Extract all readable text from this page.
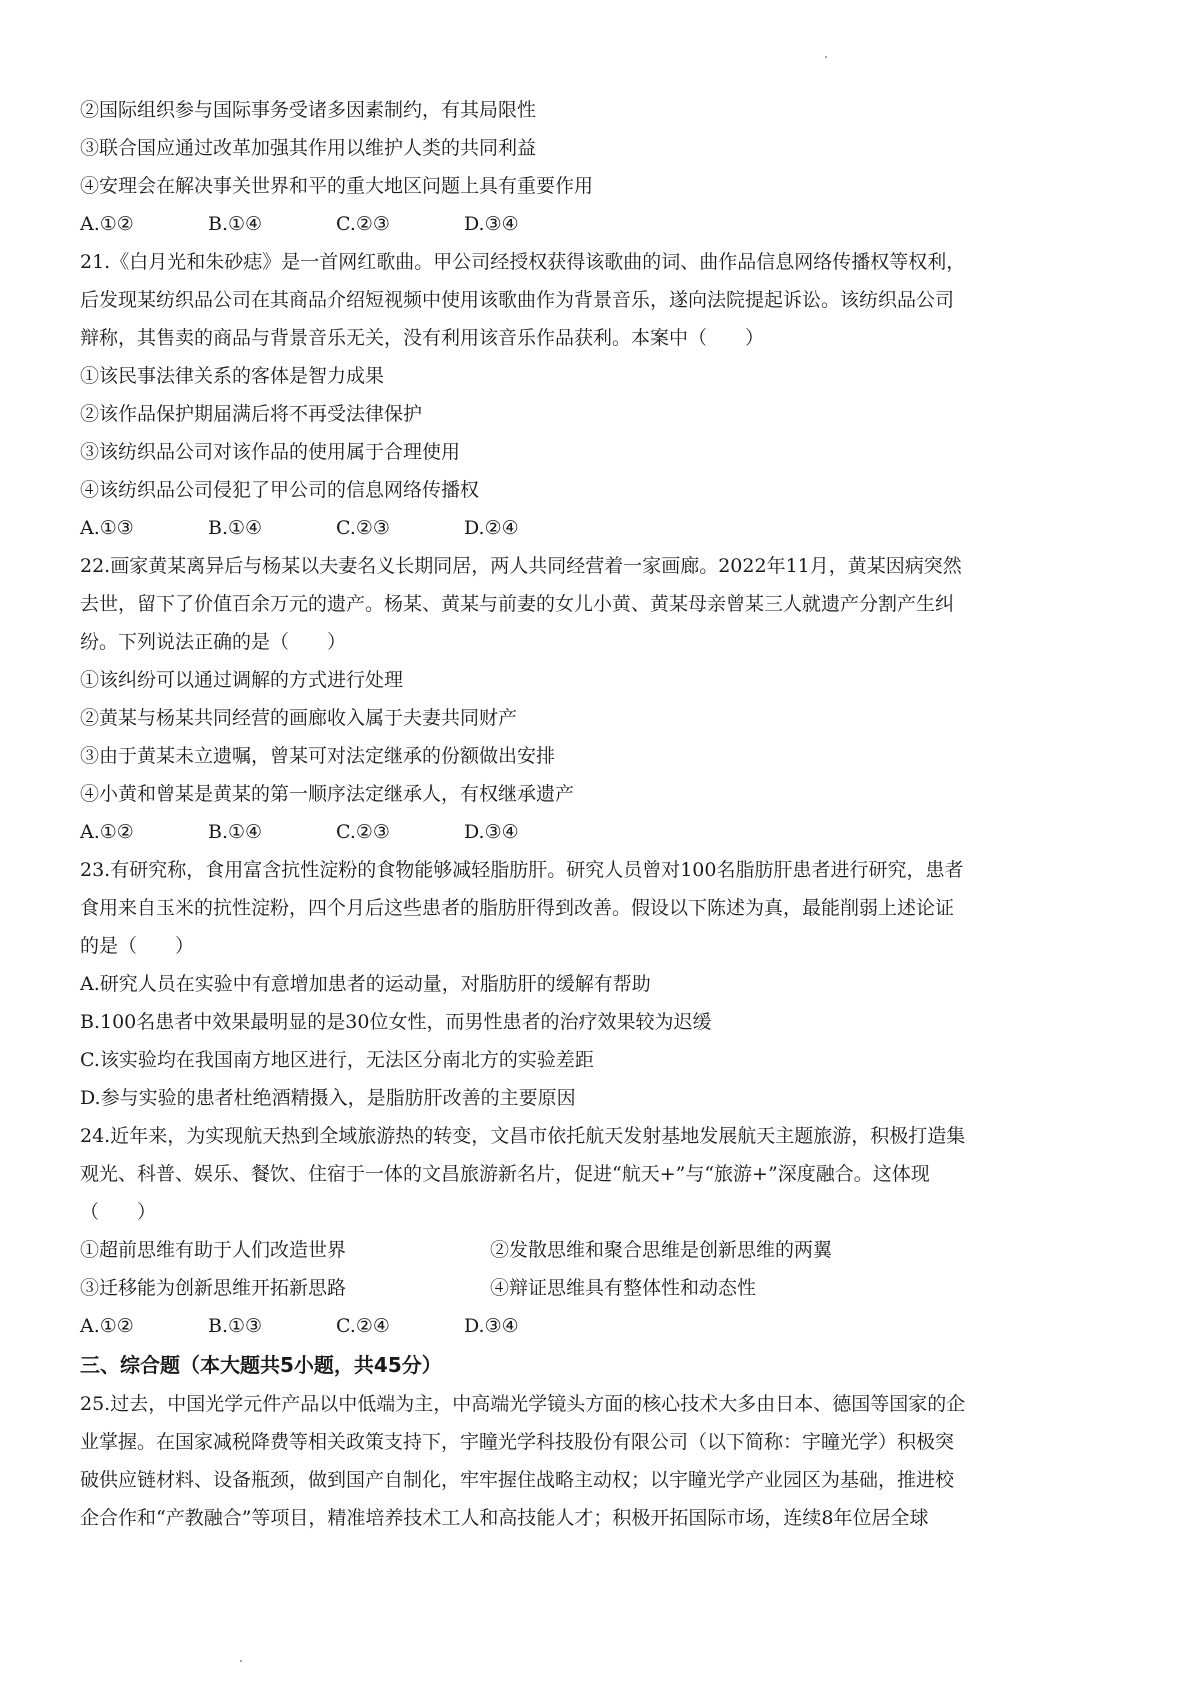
②国际组织参与国际事务受诸多因素制约，有其局限性
③联合国应通过改革加强其作用以维护人类的共同利益
④安理会在解决事关世界和平的重大地区问题上具有重要作用
A.①②	B.①④	C.②③	D.③④
21.《白月光和朱砂痣》是一首网红歌曲。甲公司经授权获得该歌曲的词、曲作品信息网络传播权等权利，
后发现某纺织品公司在其商品介绍短视频中使用该歌曲作为背景音乐，遂向法院提起诉讼。该纺织品公司
辩称，其售卖的商品与背景音乐无关，没有利用该音乐作品获利。本案中（　　）
①该民事法律关系的客体是智力成果
②该作品保护期届满后将不再受法律保护
③该纺织品公司对该作品的使用属于合理使用
④该纺织品公司侵犯了甲公司的信息网络传播权
A.①③	B.①④	C.②③	D.②④
22.画家黄某离异后与杨某以夫妻名义长期同居，两人共同经营着一家画廊。2022年11月，黄某因病突然
去世，留下了价值百余万元的遗产。杨某、黄某与前妻的女儿小黄、黄某母亲曾某三人就遗产分割产生纠
纷。下列说法正确的是（　　）
①该纠纷可以通过调解的方式进行处理
②黄某与杨某共同经营的画廊收入属于夫妻共同财产
③由于黄某未立遗嘱，曾某可对法定继承的份额做出安排
④小黄和曾某是黄某的第一顺序法定继承人，有权继承遗产
A.①②	B.①④	C.②③	D.③④
23.有研究称，食用富含抗性淀粉的食物能够减轻脂肪肝。研究人员曾对100名脂肪肝患者进行研究，患者
食用来自玉米的抗性淀粉，四个月后这些患者的脂肪肝得到改善。假设以下陈述为真，最能削弱上述论证
的是（　　）
A.研究人员在实验中有意增加患者的运动量，对脂肪肝的缓解有帮助
B.100名患者中效果最明显的是30位女性，而男性患者的治疗效果较为迟缓
C.该实验均在我国南方地区进行，无法区分南北方的实验差距
D.参与实验的患者杜绝酒精摄入，是脂肪肝改善的主要原因
24.近年来，为实现航天热到全域旅游热的转变，文昌市依托航天发射基地发展航天主题旅游，积极打造集
观光、科普、娱乐、餐饮、住宿于一体的文昌旅游新名片，促进“航天+”与“旅游+”深度融合。这体现
（　　）
①超前思维有助于人们改造世界	②发散思维和聚合思维是创新思维的两翼
③迁移能为创新思维开拓新思路	④辩证思维具有整体性和动态性
A.①②	B.①③	C.②④	D.③④
三、综合题（本大题共5小题，共45分）
25.过去，中国光学元件产品以中低端为主，中高端光学镜头方面的核心技术大多由日本、德国等国家的企
业掌握。在国家减税降费等相关政策支持下，宇瞳光学科技股份有限公司（以下简称：宇瞳光学）积极突
破供应链材料、设备瓶颈，做到国产自制化，牢牢握住战略主动权；以宇瞳光学产业园区为基础，推进校
企合作和“产教融合”等项目，精准培养技术工人和高技能人才；积极开拓国际市场，连续8年位居全球
